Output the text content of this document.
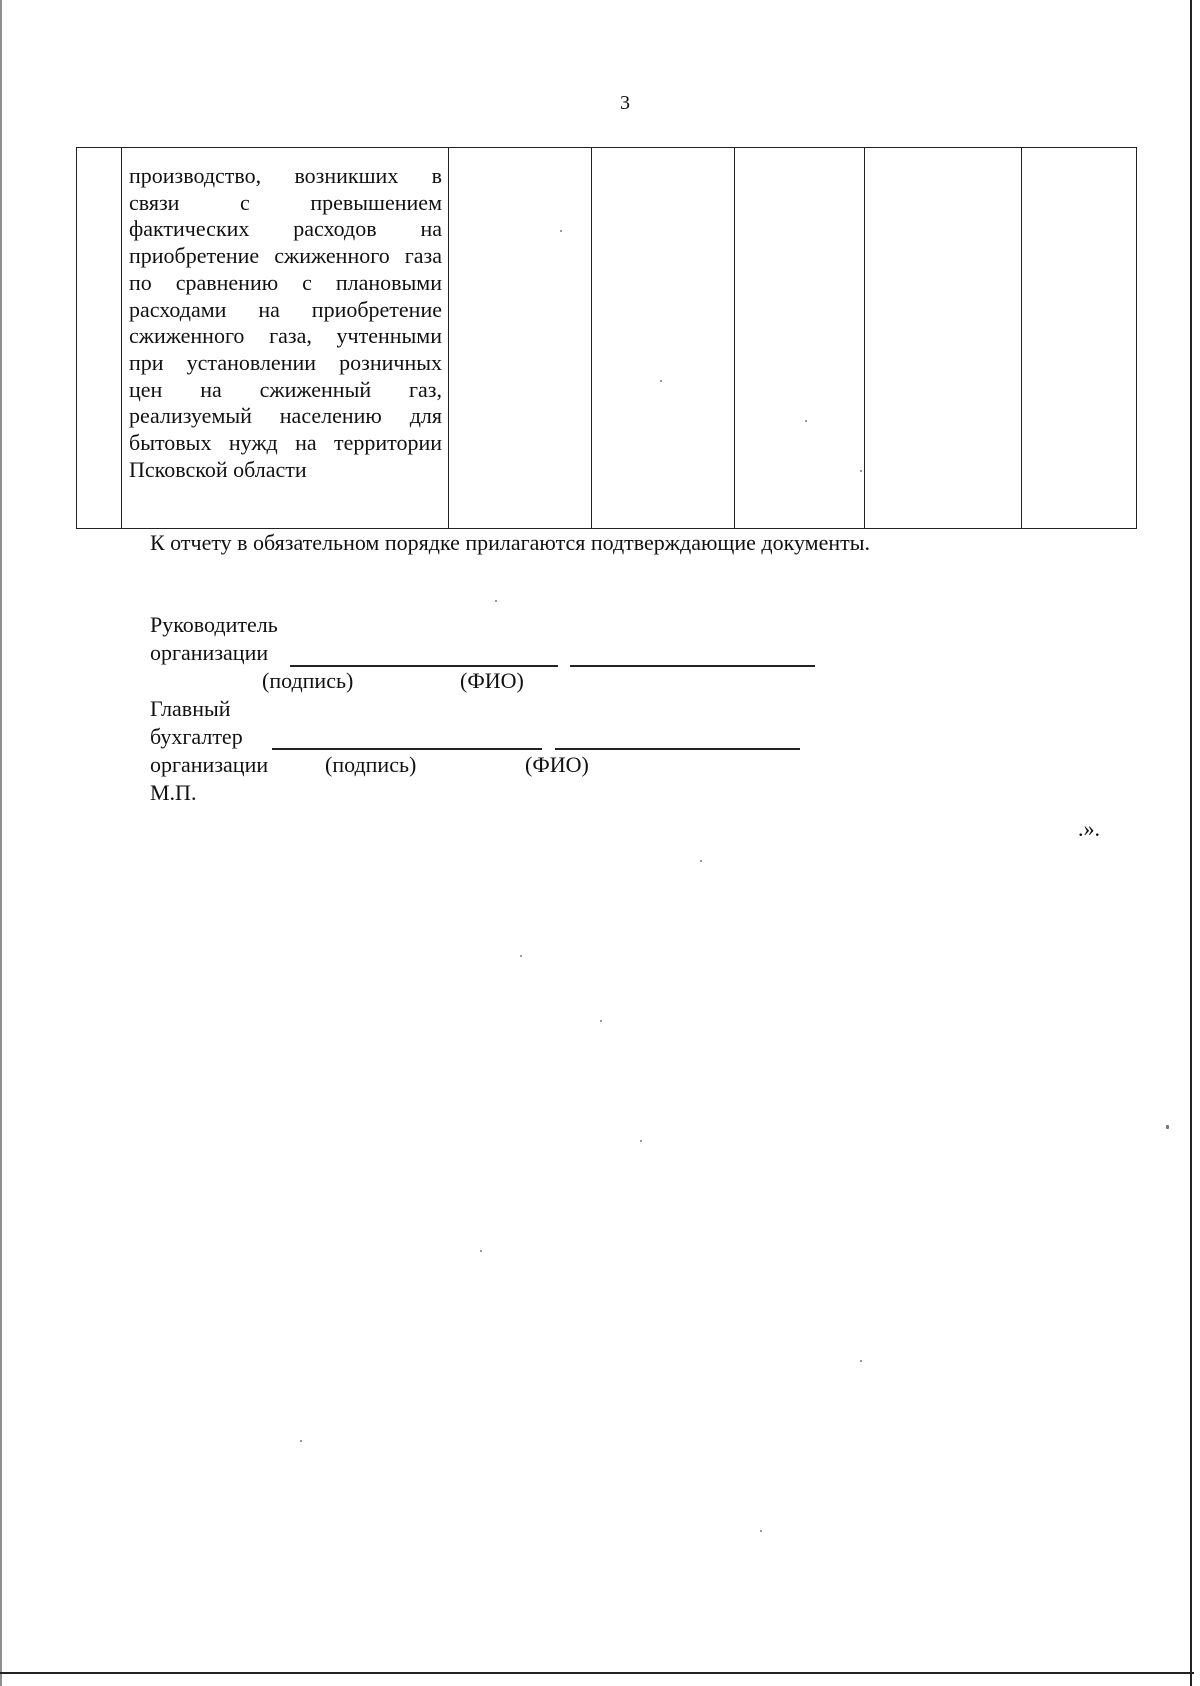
3

производство, возникших в связи с превышением фактических расходов на приобретение сжиженного газа по сравнению с плановыми расходами на приобретение сжиженного газа, учтенными при установлении розничных цен на сжиженный газ, реализуемый населению для бытовых нужд на территории Псковской области

К отчету в обязательном порядке прилагаются подтверждающие документы.
Руководитель
организации
(подпись)	(ФИО)
Главный
бухгалтер
организации	(подпись)	(ФИО)
М.П.
.».
